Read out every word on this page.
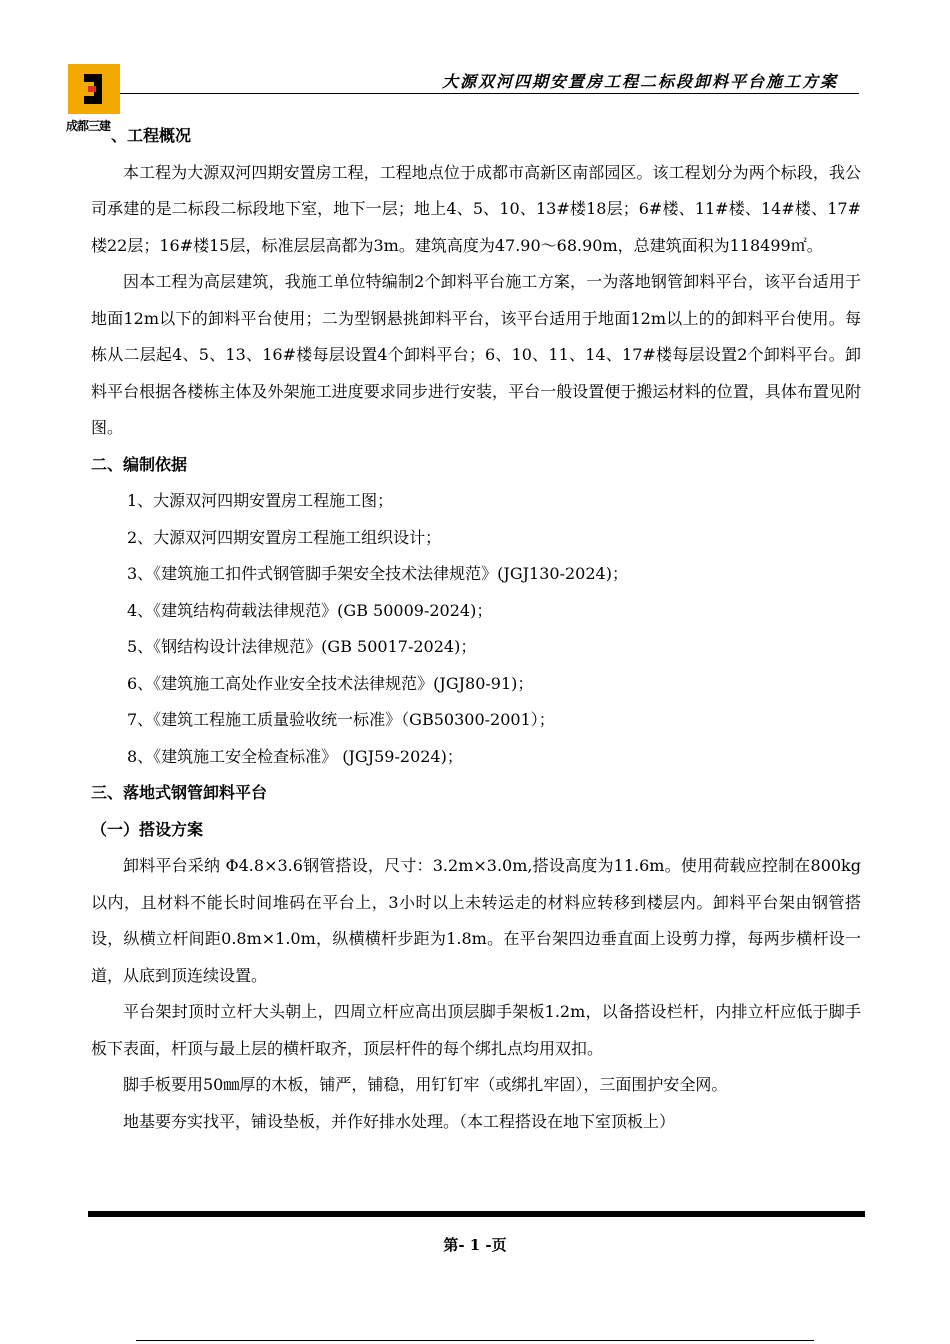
成都三建
大源双河四期安置房工程二标段卸料平台施工方案

、工程概况

本工程为大源双河四期安置房工程，工程地点位于成都市高新区南部园区。该工程划分为两个标段，我公司承建的是二标段二标段地下室，地下一层；地上4、5、10、13#楼18层；6#楼、11#楼、14#楼、17#楼22层；16#楼15层，标准层层高都为3m。建筑高度为47.90～68.90m，总建筑面积为118499㎡。

因本工程为高层建筑，我施工单位特编制2个卸料平台施工方案，一为落地钢管卸料平台，该平台适用于地面12m以下的卸料平台使用；二为型钢悬挑卸料平台，该平台适用于地面12m以上的的卸料平台使用。每栋从二层起4、5、13、16#楼每层设置4个卸料平台；6、10、11、14、17#楼每层设置2个卸料平台。卸料平台根据各楼栋主体及外架施工进度要求同步进行安装，平台一般设置便于搬运材料的位置，具体布置见附图。

二、编制依据

1、大源双河四期安置房工程施工图；

2、大源双河四期安置房工程施工组织设计；

3、《建筑施工扣件式钢管脚手架安全技术法律规范》(JGJ130-2024)；

4、《建筑结构荷载法律规范》(GB 50009-2024)；

5、《钢结构设计法律规范》(GB 50017-2024)；

6、《建筑施工高处作业安全技术法律规范》(JGJ80-91)；

7、《建筑工程施工质量验收统一标准》（GB50300-2001）；

8、《建筑施工安全检查标准》 (JGJ59-2024)；

三、落地式钢管卸料平台

（一）搭设方案

卸料平台采纳 Φ4.8×3.6钢管搭设，尺寸：3.2m×3.0m,搭设高度为11.6m。使用荷载应控制在800kg以内，且材料不能长时间堆码在平台上，3小时以上未转运走的材料应转移到楼层内。卸料平台架由钢管搭设，纵横立杆间距0.8m×1.0m，纵横横杆步距为1.8m。在平台架四边垂直面上设剪力撑，每两步横杆设一道，从底到顶连续设置。

平台架封顶时立杆大头朝上，四周立杆应高出顶层脚手架板1.2m，以备搭设栏杆，内排立杆应低于脚手板下表面，杆顶与最上层的横杆取齐，顶层杆件的每个绑扎点均用双扣。

脚手板要用50㎜厚的木板，铺严，铺稳，用钉钉牢（或绑扎牢固），三面围护安全网。

地基要夯实找平，铺设垫板，并作好排水处理。（本工程搭设在地下室顶板上）

第- 1 -页
